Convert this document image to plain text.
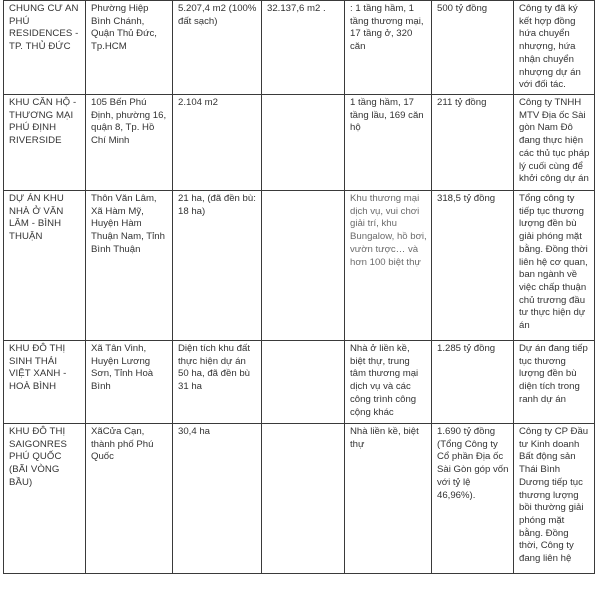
CHUNG CƯ AN PHÚ RESIDENCES - TP. THỦ ĐỨC	Phường Hiệp Bình Chánh, Quận Thủ Đức, Tp.HCM	5.207,4 m2 (100% đất sạch)	32.137,6 m2 .	: 1 tầng hầm, 1 tầng thương mại, 17 tầng ở, 320 căn	500 tỷ đồng	Công ty đã ký kết hợp đồng hứa chuyển nhượng, hứa nhận chuyển nhượng dự án với đối tác.
KHU CĂN HỘ - THƯƠNG MẠI PHÚ ĐỊNH RIVERSIDE	105 Bến Phú Định, phường 16, quận 8, Tp. Hồ Chí Minh	2.104 m2		1 tầng hầm, 17 tầng lầu, 169 căn hộ	211 tỷ đồng	Công ty TNHH MTV Địa ốc Sài gòn Nam Đô đang thực hiện các thủ tục pháp lý cuối cùng để khởi công dự án
DỰ ÁN KHU NHÀ Ở VĂN LÂM - BÌNH THUẬN	Thôn Văn Lâm, Xã Hàm Mỹ, Huyện Hàm Thuận Nam, Tỉnh Bình Thuận	21 ha, (đã đền bù: 18 ha)		Khu thương mại dịch vụ, vui chơi giải trí, khu Bungalow, hồ bơi, vườn tược… và hơn 100 biệt thự	318,5 tỷ đồng	Tổng công ty tiếp tục thương lượng đền bù giải phóng mặt bằng. Đồng thời liên hệ cơ quan, ban ngành về việc chấp thuận chủ trương đầu tư thực hiện dự án
KHU ĐÔ THỊ SINH THÁI VIỆT XANH - HOÀ BÌNH	Xã Tân Vinh, Huyện Lương Sơn, Tỉnh Hoà Bình	Diện tích khu đất thực hiện dự án 50 ha, đã đền bù 31 ha		Nhà ở liền kề, biệt thự, trung tâm thương mại dịch vụ và các công trình công cộng khác	1.285 tỷ đồng	Dự án đang tiếp tục thương lượng đền bù diện tích trong ranh dự án
KHU ĐÔ THỊ SAIGONRES PHÚ QUỐC (BÃI VÒNG BẦU)	XãCửa Cạn, thành phố Phú Quốc	30,4 ha		Nhà liền kề, biệt thự	1.690 tỷ đồng (Tổng Công ty Cổ phần Địa ốc Sài Gòn góp vốn với tỷ lệ 46,96%).	Công ty CP Đầu tư Kinh doanh Bất động sản Thái Bình Dương tiếp tục thương lượng bồi thường giải phóng mặt bằng. Đồng thời, Công ty đang liên hệ
